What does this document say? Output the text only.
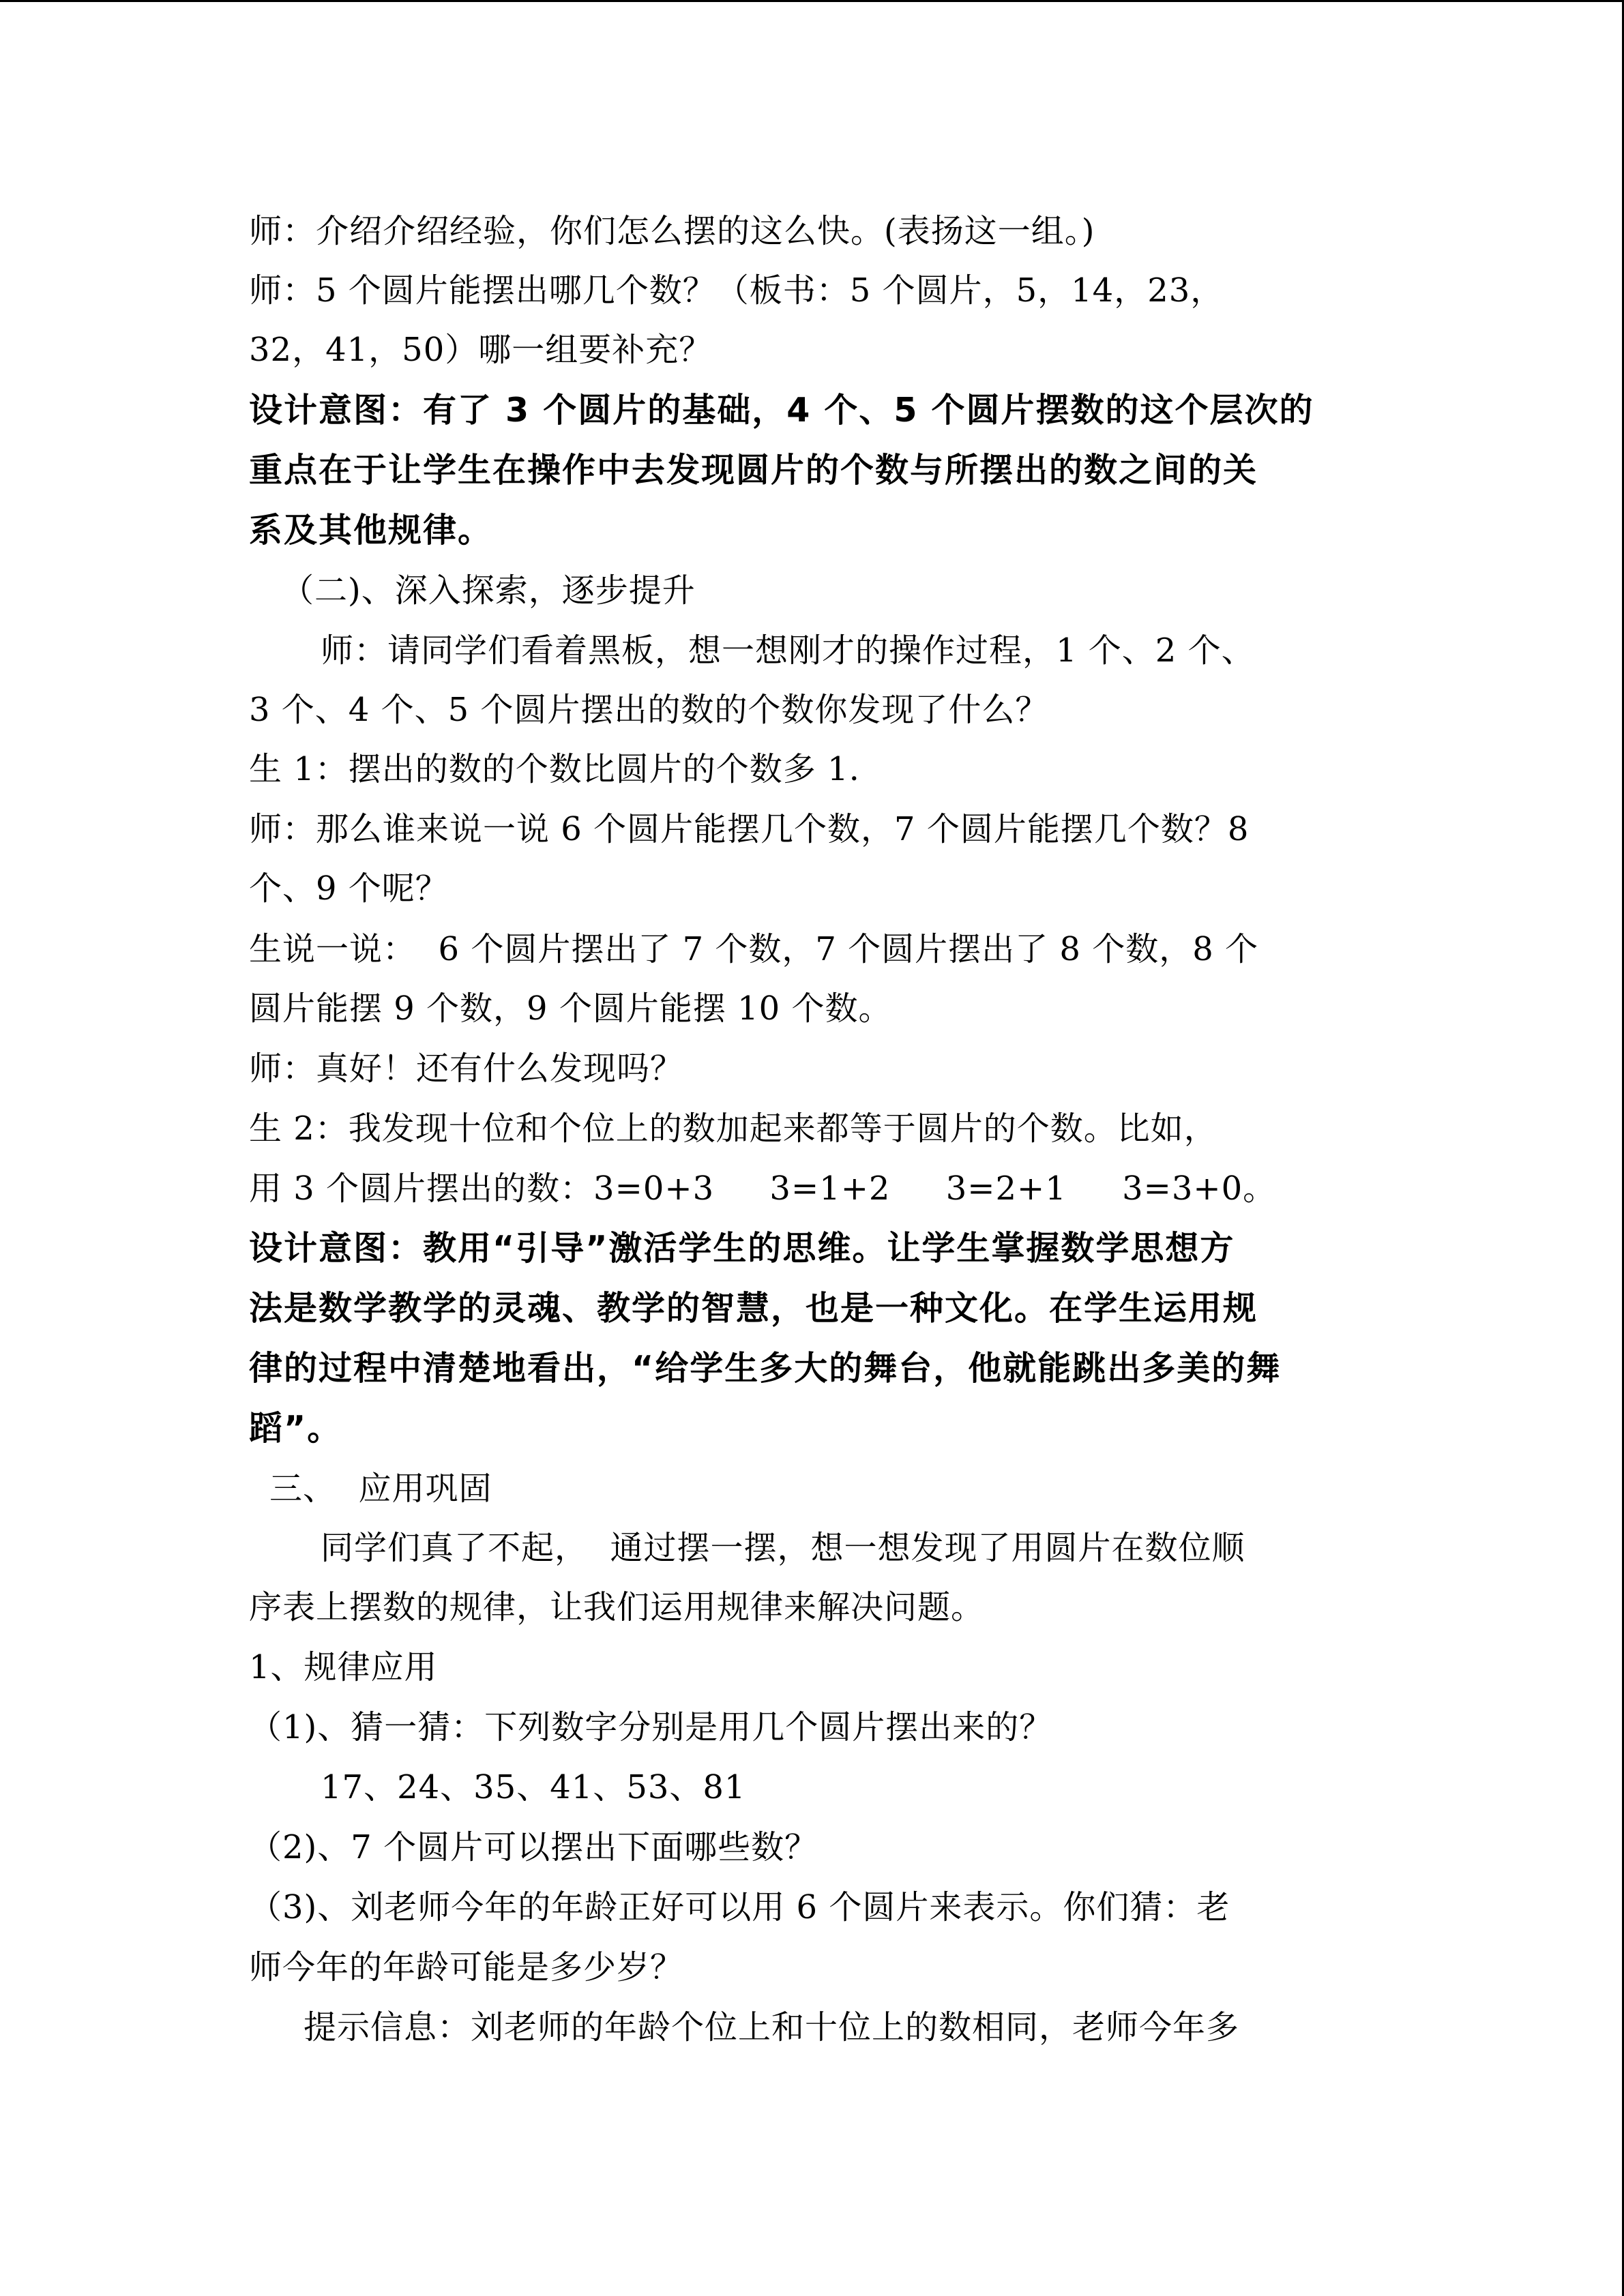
师：介绍介绍经验，你们怎么摆的这么快。(表扬这一组。)
师：5 个圆片能摆出哪几个数？（板书：5 个圆片，5，14，23，
32，41，50）哪一组要补充？
设计意图：有了 3 个圆片的基础，4 个、5 个圆片摆数的这个层次的
重点在于让学生在操作中去发现圆片的个数与所摆出的数之间的关
系及其他规律。
（二)、深入探索，逐步提升
师：请同学们看着黑板，想一想刚才的操作过程，1 个、2 个、
3 个、4 个、5 个圆片摆出的数的个数你发现了什么？
生 1：摆出的数的个数比圆片的个数多 1.
师：那么谁来说一说 6 个圆片能摆几个数，7 个圆片能摆几个数？8
个、9 个呢？
生说一说：  6 个圆片摆出了 7 个数，7 个圆片摆出了 8 个数，8 个
圆片能摆 9 个数，9 个圆片能摆 10 个数。
师：真好！还有什么发现吗？
生 2：我发现十位和个位上的数加起来都等于圆片的个数。比如，
用 3 个圆片摆出的数：3=0+3     3=1+2     3=2+1     3=3+0。
设计意图：教用“引导”激活学生的思维。让学生掌握数学思想方
法是数学教学的灵魂、教学的智慧，也是一种文化。在学生运用规
律的过程中清楚地看出，“给学生多大的舞台，他就能跳出多美的舞
蹈”。
三、  应用巩固
同学们真了不起，  通过摆一摆，想一想发现了用圆片在数位顺
序表上摆数的规律，让我们运用规律来解决问题。
1、规律应用
（1)、猜一猜：下列数字分别是用几个圆片摆出来的？
17、24、35、41、53、81
（2)、7 个圆片可以摆出下面哪些数？
（3)、刘老师今年的年龄正好可以用 6 个圆片来表示。你们猜：老
师今年的年龄可能是多少岁？
提示信息：刘老师的年龄个位上和十位上的数相同，老师今年多
